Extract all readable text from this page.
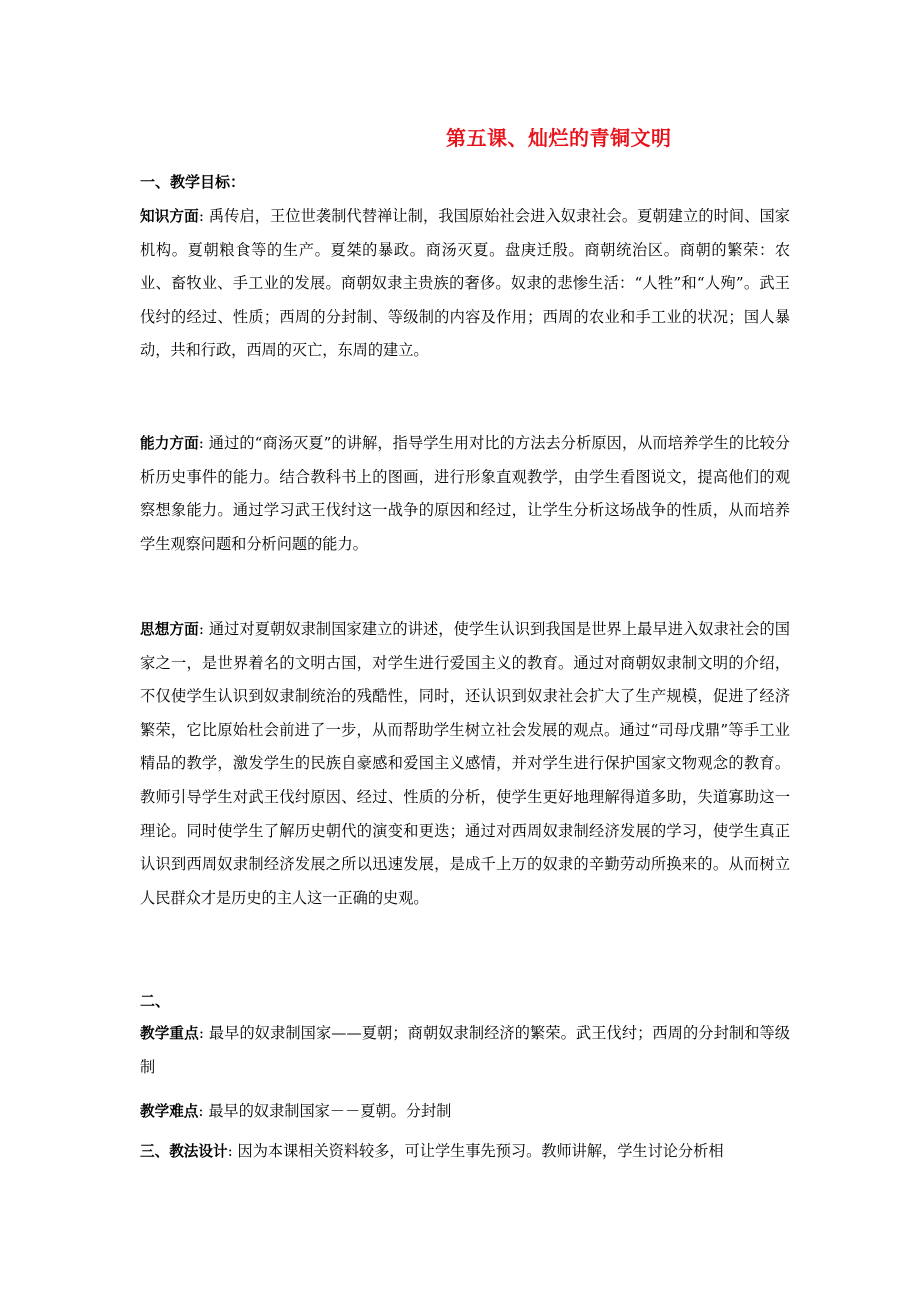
第五课、灿烂的青铜文明
一、教学目标：
知识方面: 禹传启，王位世袭制代替禅让制，我国原始社会进入奴隶社会。夏朝建立的时间、国家机构。夏朝粮食等的生产。夏桀的暴政。商汤灭夏。盘庚迁殷。商朝统治区。商朝的繁荣：农业、畜牧业、手工业的发展。商朝奴隶主贵族的奢侈。奴隶的悲惨生活：“人牲”和“人殉”。武王伐纣的经过、性质；西周的分封制、等级制的内容及作用；西周的农业和手工业的状况；国人暴动，共和行政，西周的灭亡，东周的建立。
能力方面: 通过的“商汤灭夏”的讲解，指导学生用对比的方法去分析原因，从而培养学生的比较分析历史事件的能力。结合教科书上的图画，进行形象直观教学，由学生看图说文，提高他们的观察想象能力。通过学习武王伐纣这一战争的原因和经过，让学生分析这场战争的性质，从而培养学生观察问题和分析问题的能力。
思想方面: 通过对夏朝奴隶制国家建立的讲述，使学生认识到我国是世界上最早进入奴隶社会的国家之一，是世界着名的文明古国，对学生进行爱国主义的教育。通过对商朝奴隶制文明的介绍，不仅使学生认识到奴隶制统治的残酷性，同时，还认识到奴隶社会扩大了生产规模，促进了经济繁荣，它比原始杜会前进了一步，从而帮助学生树立社会发展的观点。通过“司母戊鼎”等手工业精品的教学，激发学生的民族自豪感和爱国主义感情，并对学生进行保护国家文物观念的教育。教师引导学生对武王伐纣原因、经过、性质的分析，使学生更好地理解得道多助，失道寡助这一理论。同时使学生了解历史朝代的演变和更迭；通过对西周奴隶制经济发展的学习，使学生真正认识到西周奴隶制经济发展之所以迅速发展，是成千上万的奴隶的辛勤劳动所换来的。从而树立人民群众才是历史的主人这一正确的史观。
二、
教学重点: 最早的奴隶制国家——夏朝；商朝奴隶制经济的繁荣。武王伐纣；西周的分封制和等级制
教学难点: 最早的奴隶制国家－－夏朝。分封制
三、教法设计: 因为本课相关资料较多，可让学生事先预习。教师讲解，学生讨论分析相
